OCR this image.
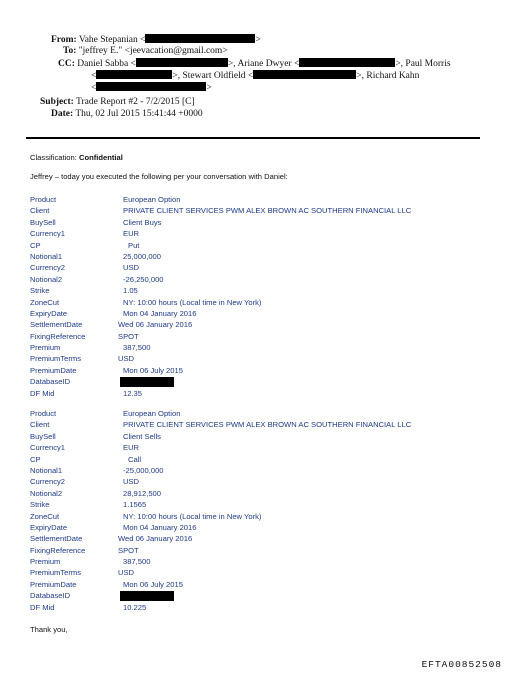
From: Vahe Stepanian <	>
To: "jeffrey E." <jeevacation@gmail.com>
CC: Daniel Sabba <	>, Ariane Dwyer <	>, Paul Morris
<	>, Stewart Oldfield <	>, Richard Kahn
<	>
Subject: Trade Report #2 - 7/2/2015 [C]
Date: Thu, 02 Jul 2015 15:41:44 +0000
Classification: Confidential
Jeffrey – today you executed the following per your conversation with Daniel:
Product	European Option
Client	PRIVATE CLIENT SERVICES PWM ALEX BROWN AC SOUTHERN FINANCIAL LLC
BuySell	Client Buys
Currency1	EUR
CP	Put
Notional1	25,000,000
Currency2	USD
Notional2	-26,250,000
Strike	1.05
ZoneCut	NY: 10:00 hours (Local time in New York)
ExpiryDate	Mon 04 January 2016
SettlementDate	Wed 06 January 2016
FixingReference	SPOT
Premium	387,500
PremiumTerms	USD
PremiumDate	Mon 06 July 2015
DatabaseID
DF Mid	12.35
Product	European Option
Client	PRIVATE CLIENT SERVICES PWM ALEX BROWN AC SOUTHERN FINANCIAL LLC
BuySell	Client Sells
Currency1	EUR
CP	Call
Notional1	-25,000,000
Currency2	USD
Notional2	28,912,500
Strike	1.1565
ZoneCut	NY: 10:00 hours (Local time in New York)
ExpiryDate	Mon 04 January 2016
SettlementDate	Wed 06 January 2016
FixingReference	SPOT
Premium	387,500
PremiumTerms	USD
PremiumDate	Mon 06 July 2015
DatabaseID
DF Mid	10.225
Thank you,
EFTA00852508
